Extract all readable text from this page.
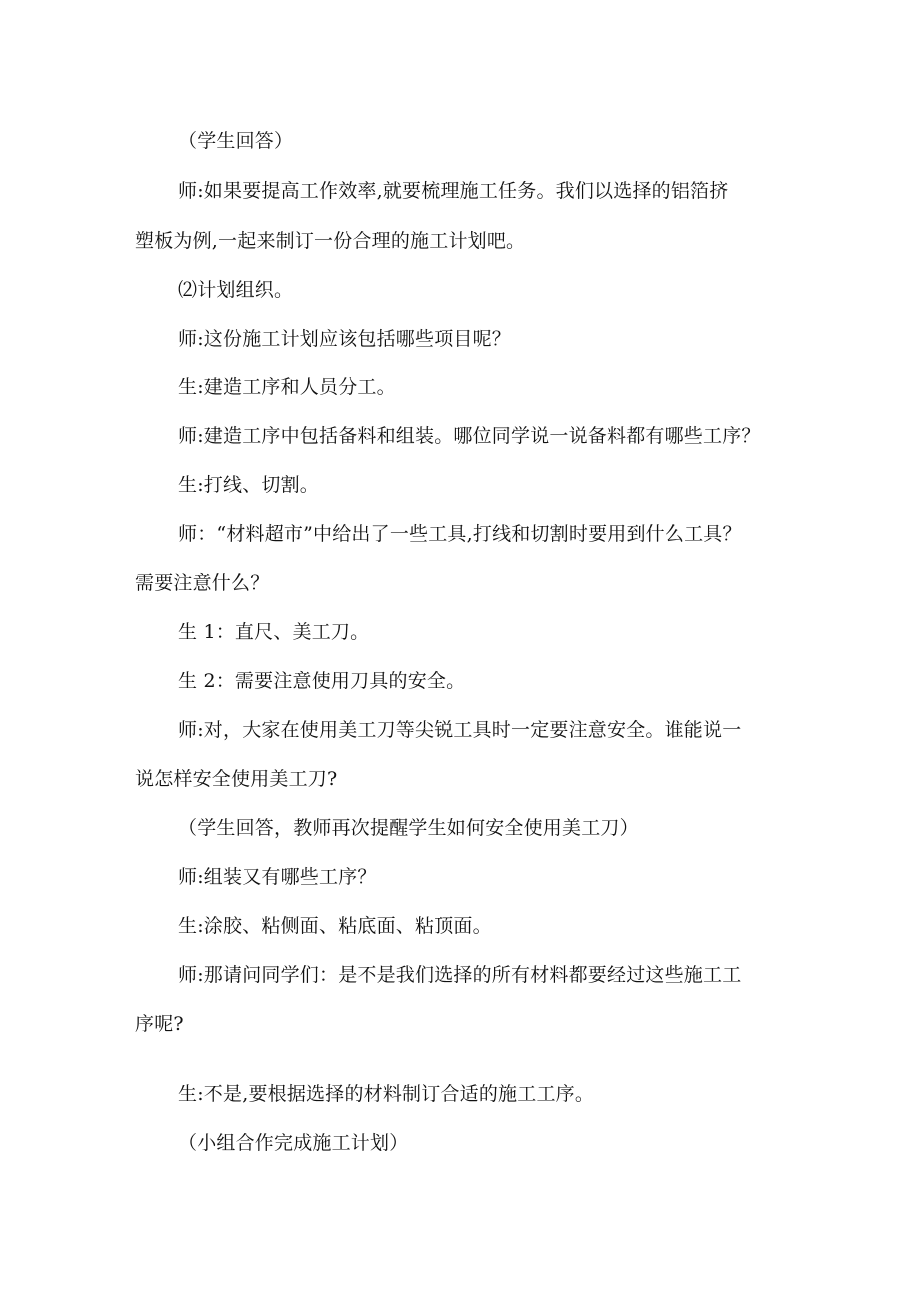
（学生回答）
师:如果要提高工作效率,就要梳理施工任务。我们以选择的铝箔挤
塑板为例,一起来制订一份合理的施工计划吧。
⑵计划组织。
师:这份施工计划应该包括哪些项目呢？
生:建造工序和人员分工。
师:建造工序中包括备料和组装。哪位同学说一说备料都有哪些工序？
生:打线、切割。
师：“材料超市”中给出了一些工具,打线和切割时要用到什么工具？
需要注意什么？
生 1：直尺、美工刀。
生 2：需要注意使用刀具的安全。
师:对，大家在使用美工刀等尖锐工具时一定要注意安全。谁能说一
说怎样安全使用美工刀?
（学生回答，教师再次提醒学生如何安全使用美工刀）
师:组装又有哪些工序？
生:涂胶、粘侧面、粘底面、粘顶面。
师:那请问同学们：是不是我们选择的所有材料都要经过这些施工工
序呢?
生:不是,要根据选择的材料制订合适的施工工序。
（小组合作完成施工计划）
